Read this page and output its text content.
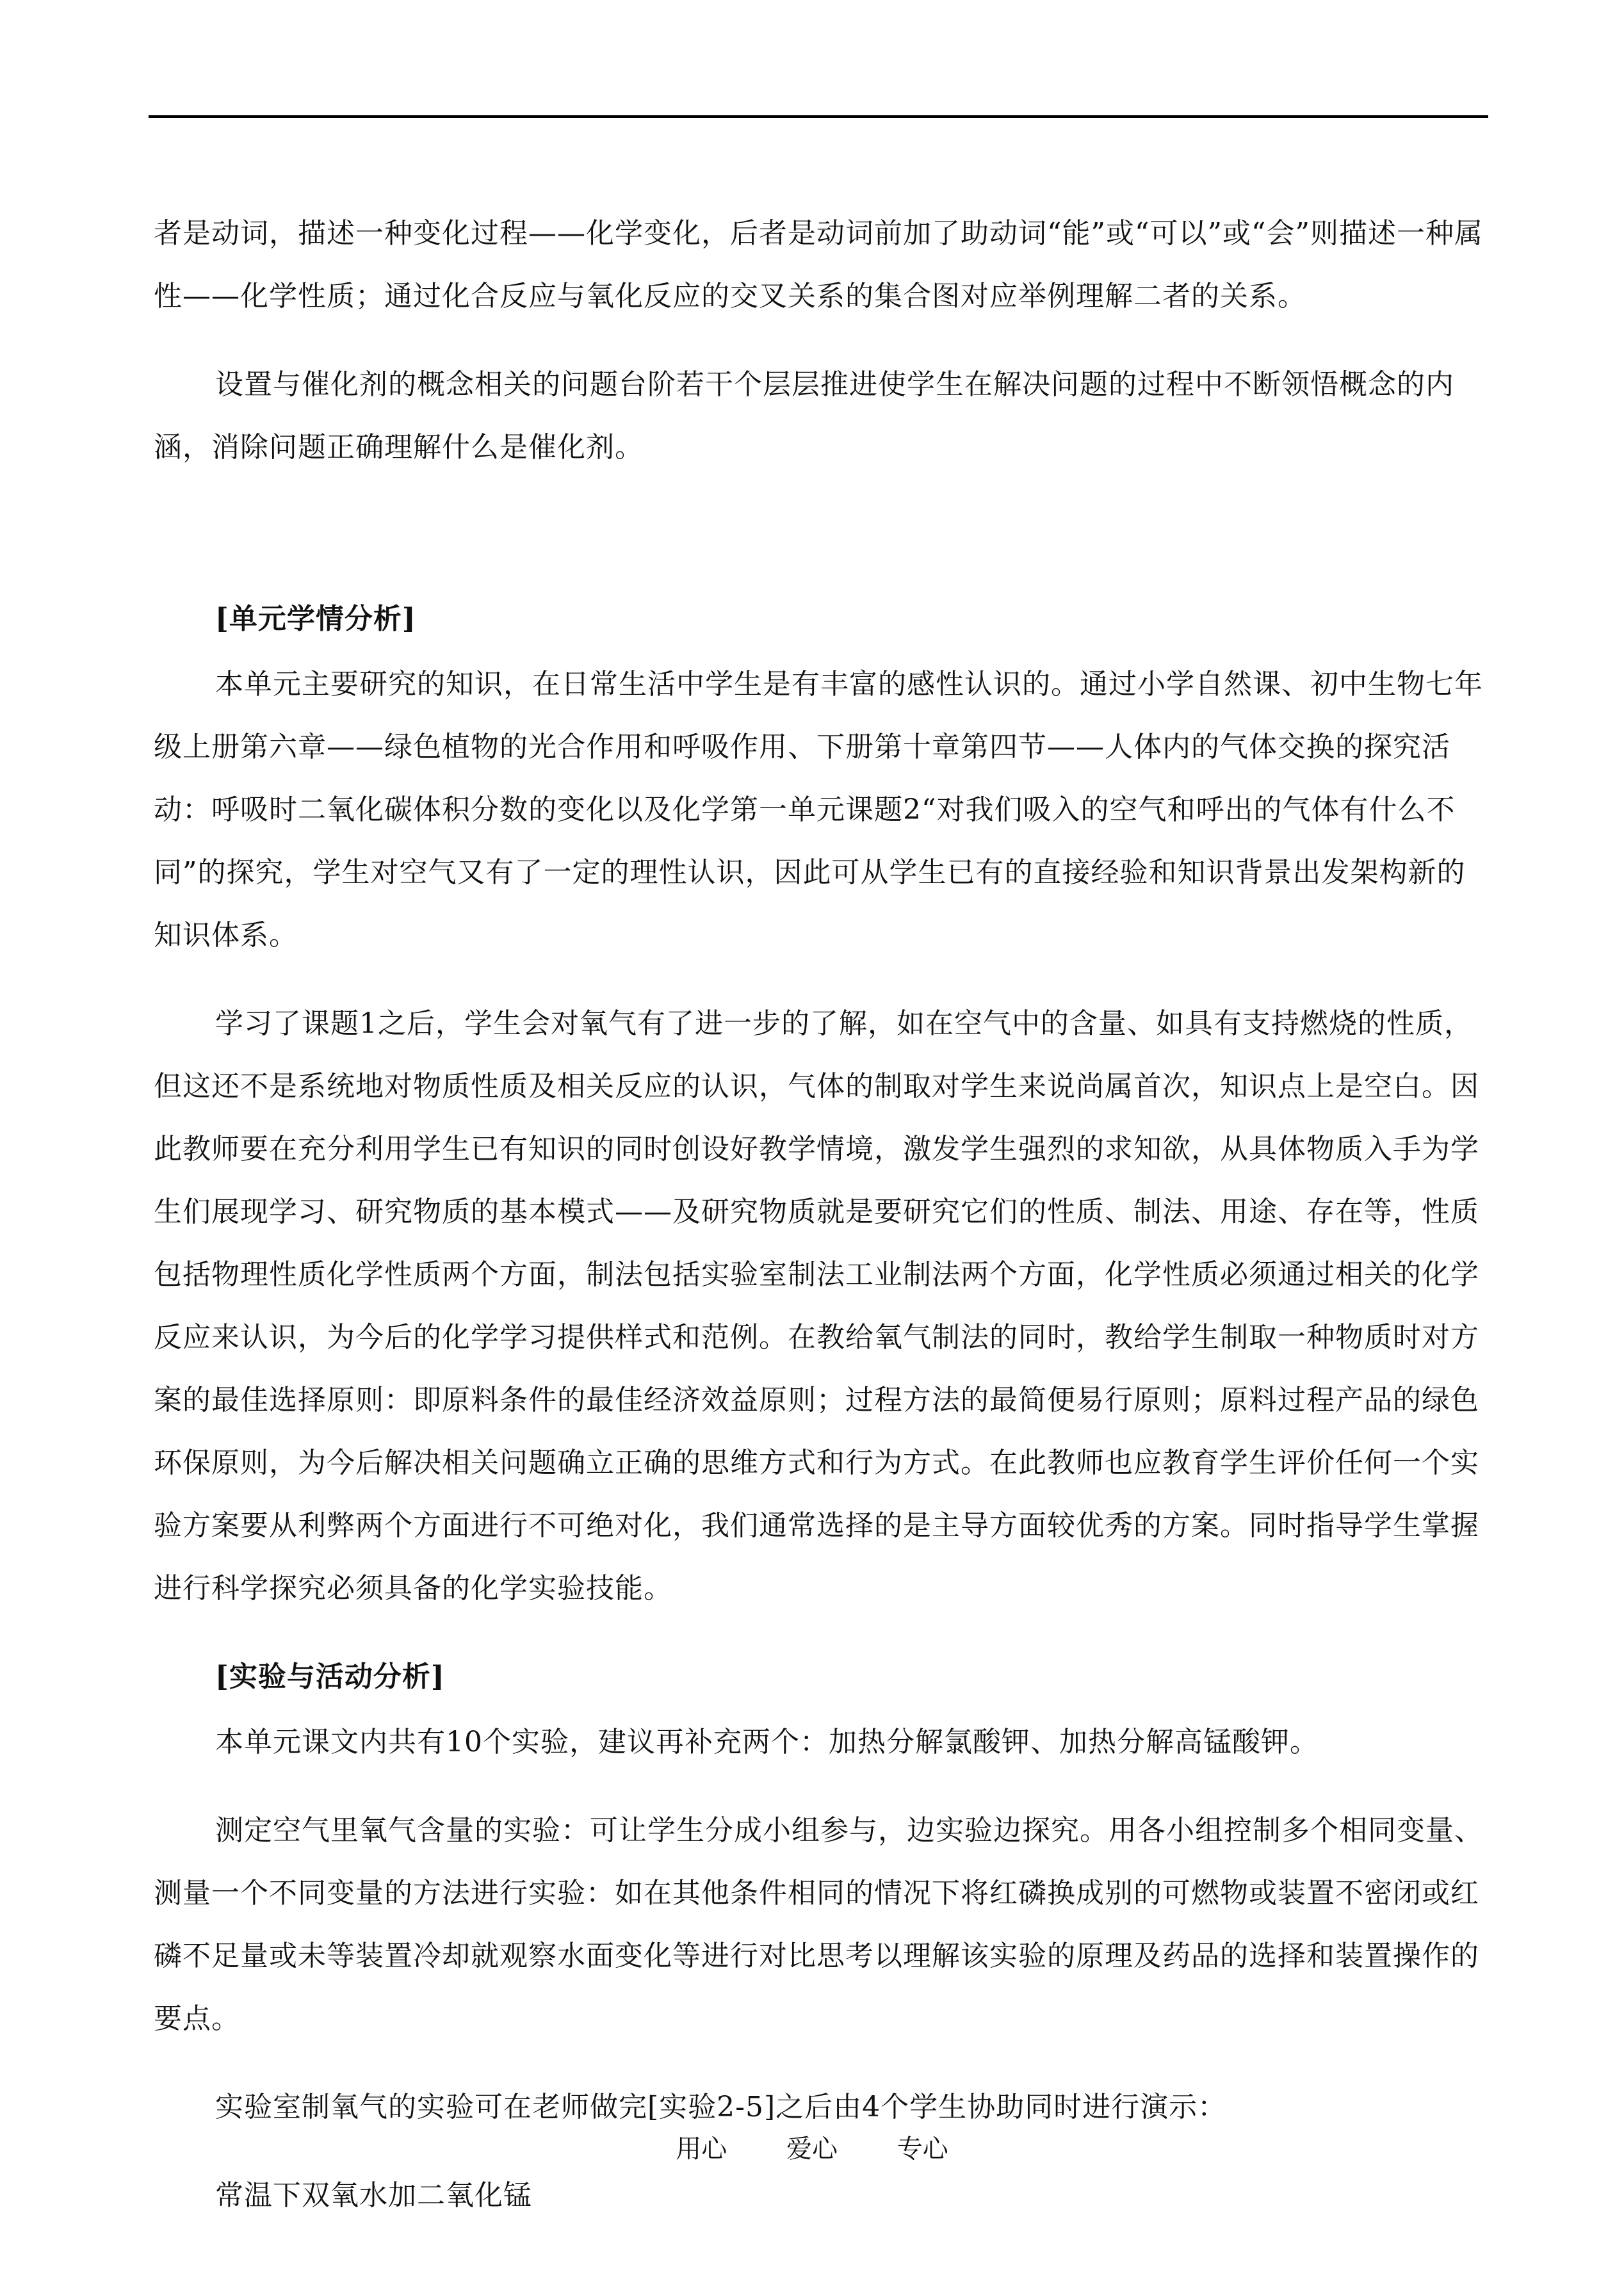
者是动词，描述一种变化过程——化学变化，后者是动词前加了助动词“能”或“可以”或“会”则描述一种属性——化学性质；通过化合反应与氧化反应的交叉关系的集合图对应举例理解二者的关系。

设置与催化剂的概念相关的问题台阶若干个层层推进使学生在解决问题的过程中不断领悟概念的内涵，消除问题正确理解什么是催化剂。

[单元学情分析]

本单元主要研究的知识，在日常生活中学生是有丰富的感性认识的。通过小学自然课、初中生物七年级上册第六章——绿色植物的光合作用和呼吸作用、下册第十章第四节——人体内的气体交换的探究活动：呼吸时二氧化碳体积分数的变化以及化学第一单元课题2“对我们吸入的空气和呼出的气体有什么不同”的探究，学生对空气又有了一定的理性认识，因此可从学生已有的直接经验和知识背景出发架构新的知识体系。

学习了课题1之后，学生会对氧气有了进一步的了解，如在空气中的含量、如具有支持燃烧的性质，但这还不是系统地对物质性质及相关反应的认识，气体的制取对学生来说尚属首次，知识点上是空白。因此教师要在充分利用学生已有知识的同时创设好教学情境，激发学生强烈的求知欲，从具体物质入手为学生们展现学习、研究物质的基本模式——及研究物质就是要研究它们的性质、制法、用途、存在等，性质包括物理性质化学性质两个方面，制法包括实验室制法工业制法两个方面，化学性质必须通过相关的化学反应来认识，为今后的化学学习提供样式和范例。在教给氧气制法的同时，教给学生制取一种物质时对方案的最佳选择原则：即原料条件的最佳经济效益原则；过程方法的最简便易行原则；原料过程产品的绿色环保原则，为今后解决相关问题确立正确的思维方式和行为方式。在此教师也应教育学生评价任何一个实验方案要从利弊两个方面进行不可绝对化，我们通常选择的是主导方面较优秀的方案。同时指导学生掌握进行科学探究必须具备的化学实验技能。

[实验与活动分析]

本单元课文内共有10个实验，建议再补充两个：加热分解氯酸钾、加热分解高锰酸钾。

测定空气里氧气含量的实验：可让学生分成小组参与，边实验边探究。用各小组控制多个相同变量、测量一个不同变量的方法进行实验：如在其他条件相同的情况下将红磷换成别的可燃物或装置不密闭或红磷不足量或未等装置冷却就观察水面变化等进行对比思考以理解该实验的原理及药品的选择和装置操作的要点。

实验室制氧气的实验可在老师做完[实验2-5]之后由4个学生协助同时进行演示：

常温下双氧水加二氧化锰

用心 爱心 专心
